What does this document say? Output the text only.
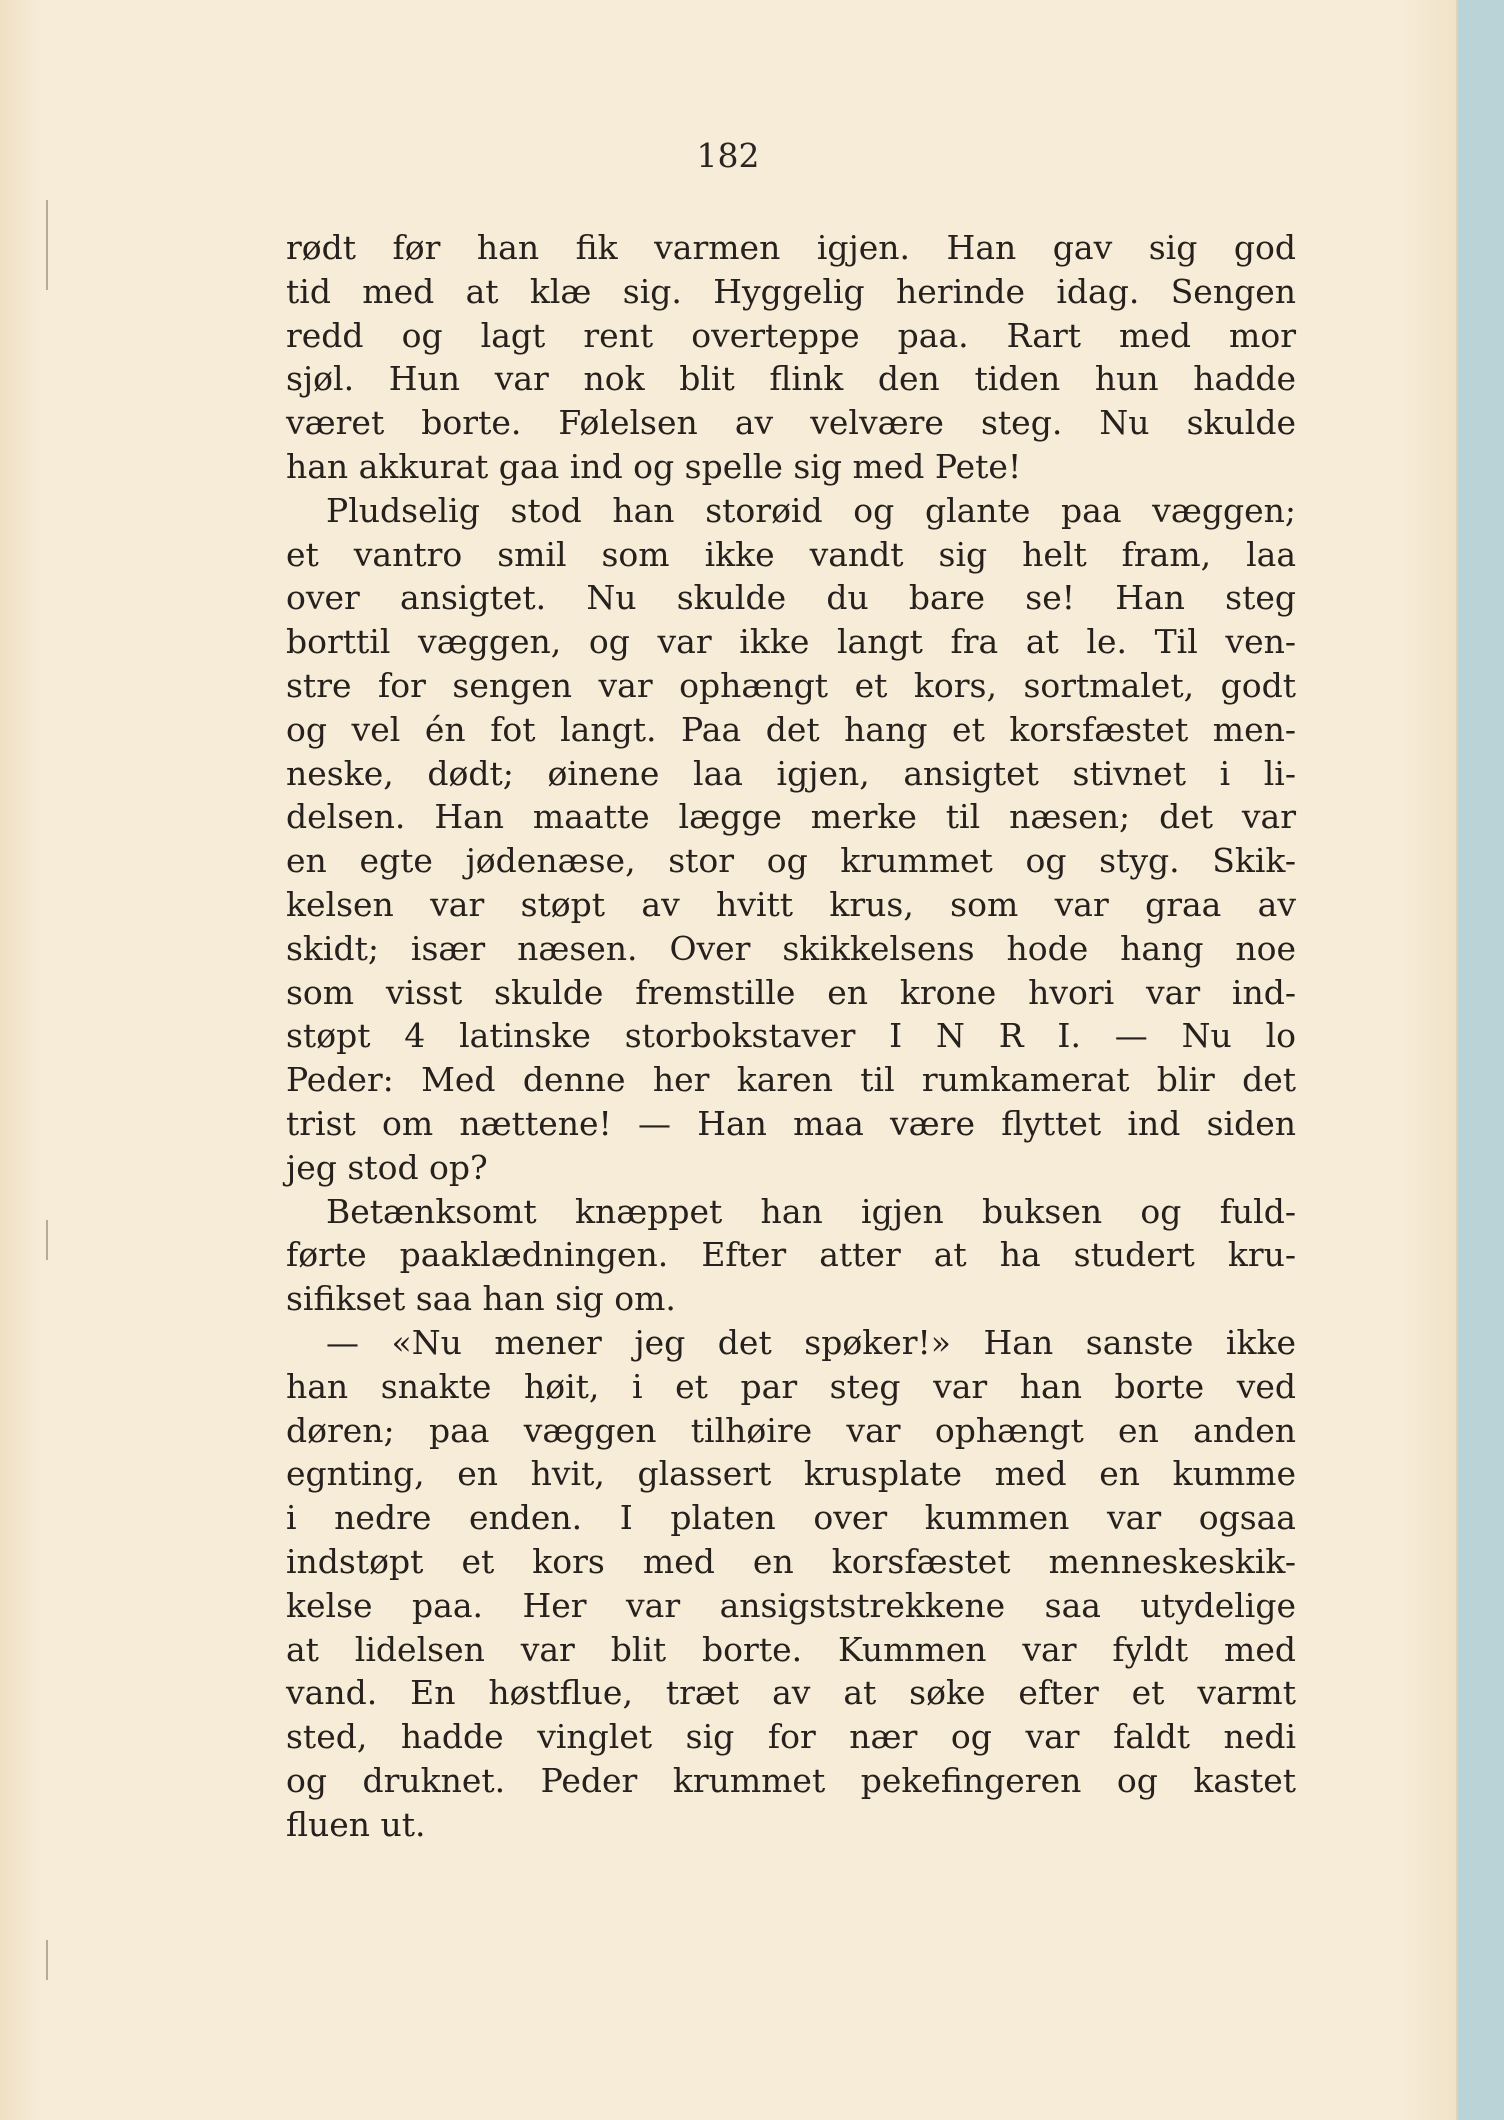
182
rødt før han fik varmen igjen. Han gav sig god
tid med at klæ sig. Hyggelig herinde idag. Sengen
redd og lagt rent overteppe paa. Rart med mor
sjøl. Hun var nok blit flink den tiden hun hadde
været borte. Følelsen av velvære steg. Nu skulde
han akkurat gaa ind og spelle sig med Pete!
Pludselig stod han storøid og glante paa væggen;
et vantro smil som ikke vandt sig helt fram, laa
over ansigtet. Nu skulde du bare se! Han steg
borttil væggen, og var ikke langt fra at le. Til ven-
stre for sengen var ophængt et kors, sortmalet, godt
og vel én fot langt. Paa det hang et korsfæstet men-
neske, dødt; øinene laa igjen, ansigtet stivnet i li-
delsen. Han maatte lægge merke til næsen; det var
en egte jødenæse, stor og krummet og styg. Skik-
kelsen var støpt av hvitt krus, som var graa av
skidt; især næsen. Over skikkelsens hode hang noe
som visst skulde fremstille en krone hvori var ind-
støpt 4 latinske storbokstaver I N R I. — Nu lo
Peder: Med denne her karen til rumkamerat blir det
trist om nættene! — Han maa være flyttet ind siden
jeg stod op?
Betænksomt knæppet han igjen buksen og fuld-
førte paaklædningen. Efter atter at ha studert kru-
sifikset saa han sig om.
— «Nu mener jeg det spøker!» Han sanste ikke
han snakte høit, i et par steg var han borte ved
døren; paa væggen tilhøire var ophængt en anden
egnting, en hvit, glassert krusplate med en kumme
i nedre enden. I platen over kummen var ogsaa
indstøpt et kors med en korsfæstet menneskeskik-
kelse paa. Her var ansigststrekkene saa utydelige
at lidelsen var blit borte. Kummen var fyldt med
vand. En høstflue, træt av at søke efter et varmt
sted, hadde vinglet sig for nær og var faldt nedi
og druknet. Peder krummet pekefingeren og kastet
fluen ut.
